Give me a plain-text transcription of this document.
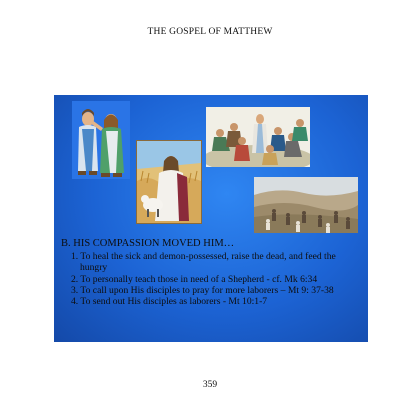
THE GOSPEL OF MATTHEW
B. HIS COMPASSION MOVED HIM…
1. To heal the sick and demon-possessed, raise the dead, and feed the hungry
2. To personally teach those in need of a Shepherd - cf. Mk 6:34
3. To call upon His disciples to pray for more laborers – Mt 9: 37-38
4. To send out His disciples as laborers - Mt 10:1-7
359
